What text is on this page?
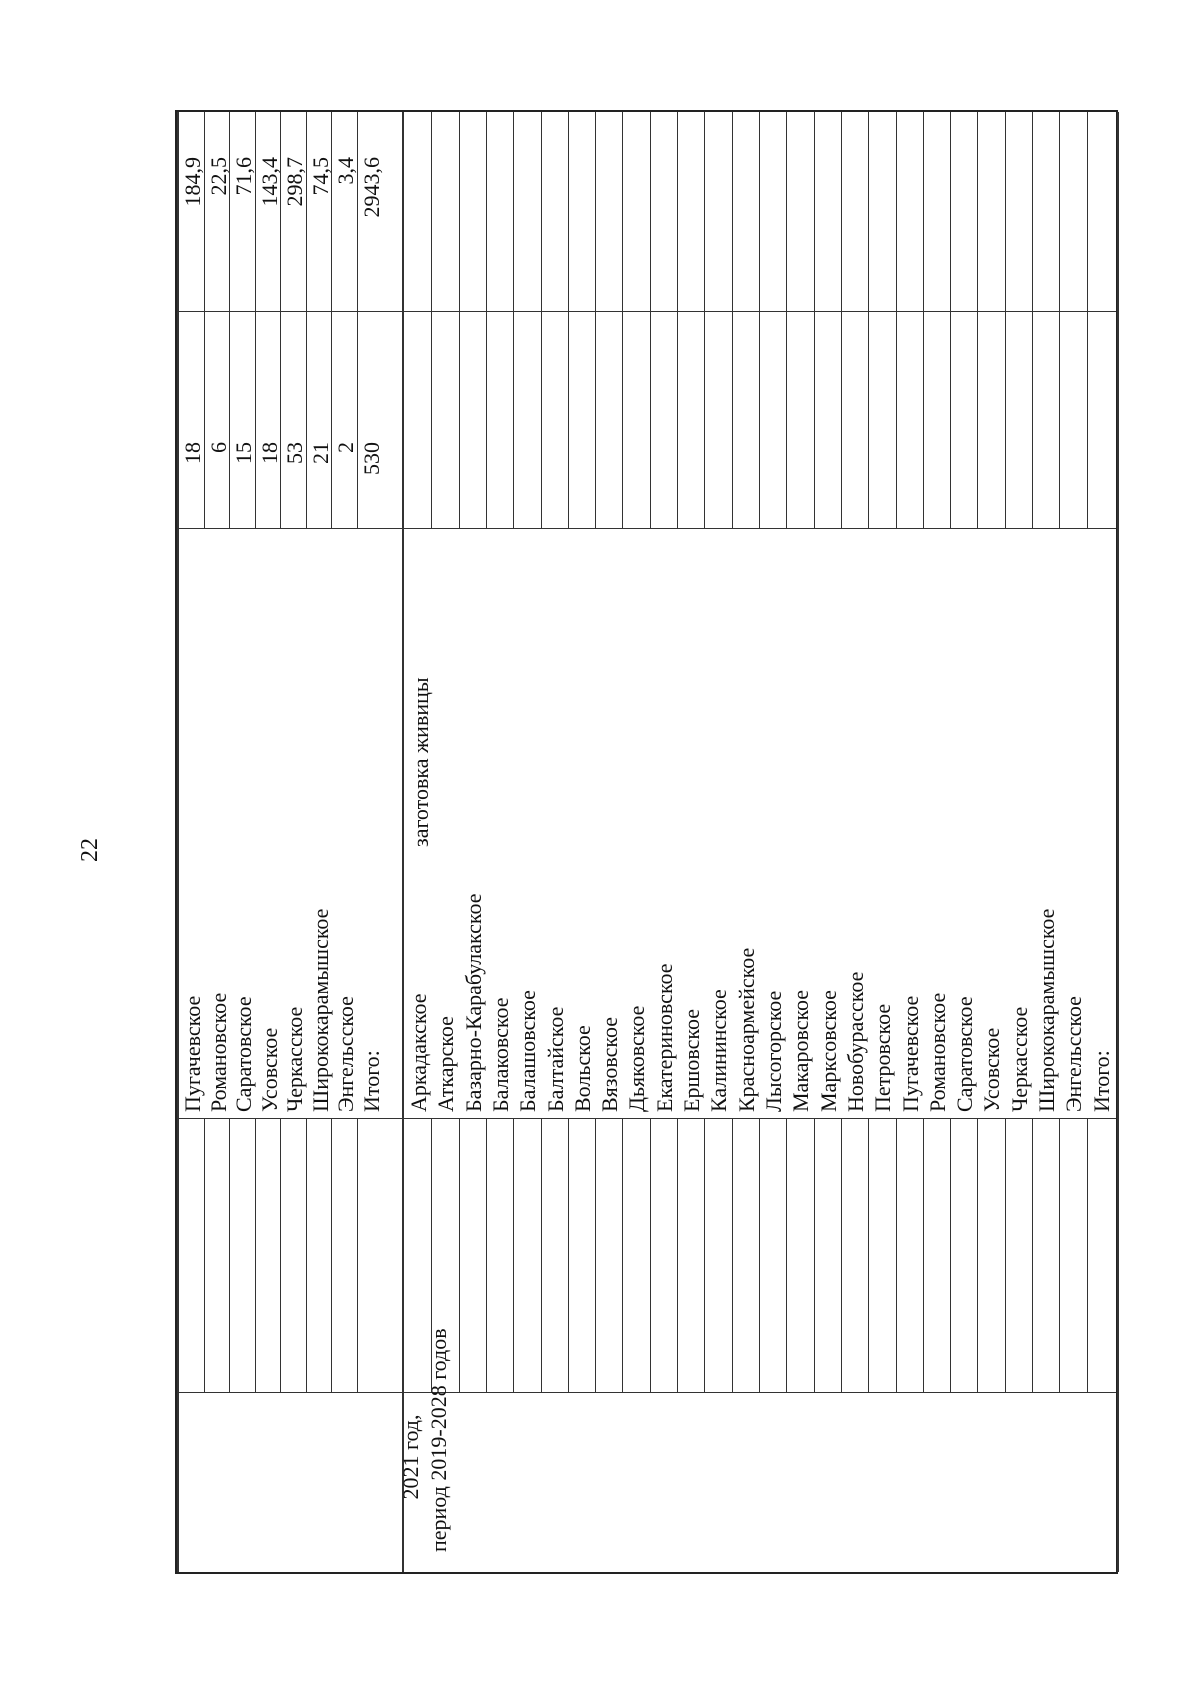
22
2021 год, период 2019-2028 годов
заготовка живицы
Пугачевское
18
184,9
Романовское
6
22,5
Саратовское
15
71,6
Усовское
18
143,4
Черкасское
53
298,7
Ширококарамышское
21
74,5
Энгельсское
2
3,4
Итого:
530
2943,6
Аркадакское Аткарское Базарно-Карабулакское Балаковское Балашовское Балтайское Вольское Вязовское Дьяковское Екатериновское Ершовское Калининское Красноармейское Лысогорское Макаровское Марксовское Новобурасское Петровское Пугачевское Романовское Саратовское Усовское Черкасское Ширококарамышское Энгельсское Итого:
